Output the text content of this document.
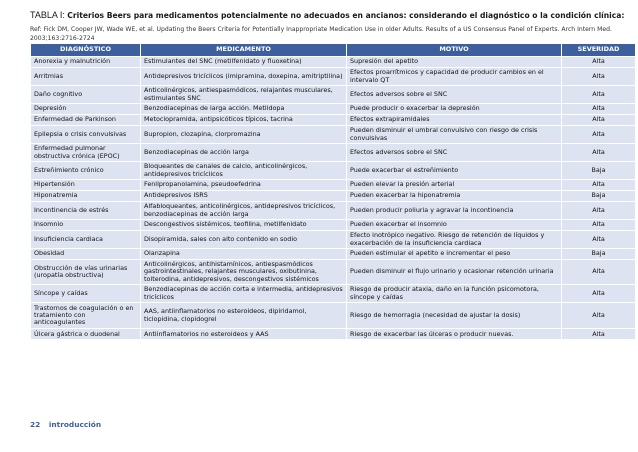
TABLA I: Criterios Beers para medicamentos potencialmente no adecuados en ancianos: considerando el diagnóstico o la condición clínica:
Ref: Fick DM, Cooper JW, Wade WE, et al. Updating the Beers Criteria for Potentially Inappropriate Medication Use in older Adults. Results of a US Consensus Panel of Experts. Arch Intern Med. 2003;163:2716-2724
DIAGNÓSTICO	MEDICAMENTO	MOTIVO	SEVERIDAD
Anorexia y malnutrición	Estimulantes del SNC (metilfenidato y fluoxetina)	Supresión del apetito	Alta
Arritmias	Antidepresivos tricíclicos (imipramina, doxepina, amitriptilina)	Efectos proarrítmicos y capacidad de producir cambios en el intervalo QT	Alta
Daño cognitivo	Anticolinérgicos, antiespasmódicos, relajantes musculares, estimulantes SNC	Efectos adversos sobre el SNC	Alta
Depresión	Benzodiacepinas de larga acción. Metildopa	Puede producir o exacerbar la depresión	Alta
Enfermedad de Parkinson	Metoclopramida, antipsicóticos típicos, tacrina	Efectos extrapiramidales	Alta
Epilepsia o crisis convulsivas	Bupropion, clozapina, clorpromazina	Pueden disminuir el umbral convulsivo con riesgo de crisis convulsivas	Alta
Enfermedad pulmonar obstructiva crónica (EPOC)	Benzodiacepinas de acción larga	Efectos adversos sobre el SNC	Alta
Estreñimiento crónico	Bloqueantes de canales de calcio, anticolinérgicos, antidepresivos tricíclicos	Puede exacerbar el estreñimiento	Baja
Hipertensión	Fenilpropanolamina, pseudoefedrina	Pueden elevar la presión arterial	Alta
Hiponatremia	Antidepresivos ISRS	Pueden exacerbar la hiponatremia	Baja
Incontinencia de estrés	Alfabloqueantes, anticolinérgicos, antidepresivos tricíclicos, benzodiacepinas de acción larga	Pueden producir poliuria y agravar la incontinencia	Alta
Insomnio	Descongestivos sistémicos, teofilina, metilfenidato	Pueden exacerbar el insomnio	Alta
Insuficiencia cardiaca	Disopiramida, sales con alto contenido en sodio	Efecto inotrópico negativo. Riesgo de retención de líquidos y exacerbación de la insuficiencia cardiaca	Alta
Obesidad	Olanzapina	Pueden estimular el apetito e incrementar el peso	Baja
Obstrucción de vías urinarias (uropatía obstructiva)	Anticolinérgicos, antihistamínicos, antiespasmódicos gastrointestinales, relajantes musculares, oxibutinina, tolterodina, antidepresivos, descongestivos sistémicos	Pueden disminuir el flujo urinario y ocasionar retención urinaria	Alta
Síncope y caídas	Benzodiacepinas de acción corta e intermedia, antidepresivos tricíclicos	Riesgo de producir ataxia, daño en la función psicomotora, síncope y caídas	Alta
Trastornos de coagulación o en tratamiento con anticoagulantes	AAS, antiinflamatorios no esteroideos, dipiridamol, ticlopidina, clopidogrel	Riesgo de hemorragia (necesidad de ajustar la dosis)	Alta
Úlcera gástrica o duodenal	Antiinflamatorios no esteroideos y AAS	Riesgo de exacerbar las úlceras o producir nuevas.	Alta
22 introducción
